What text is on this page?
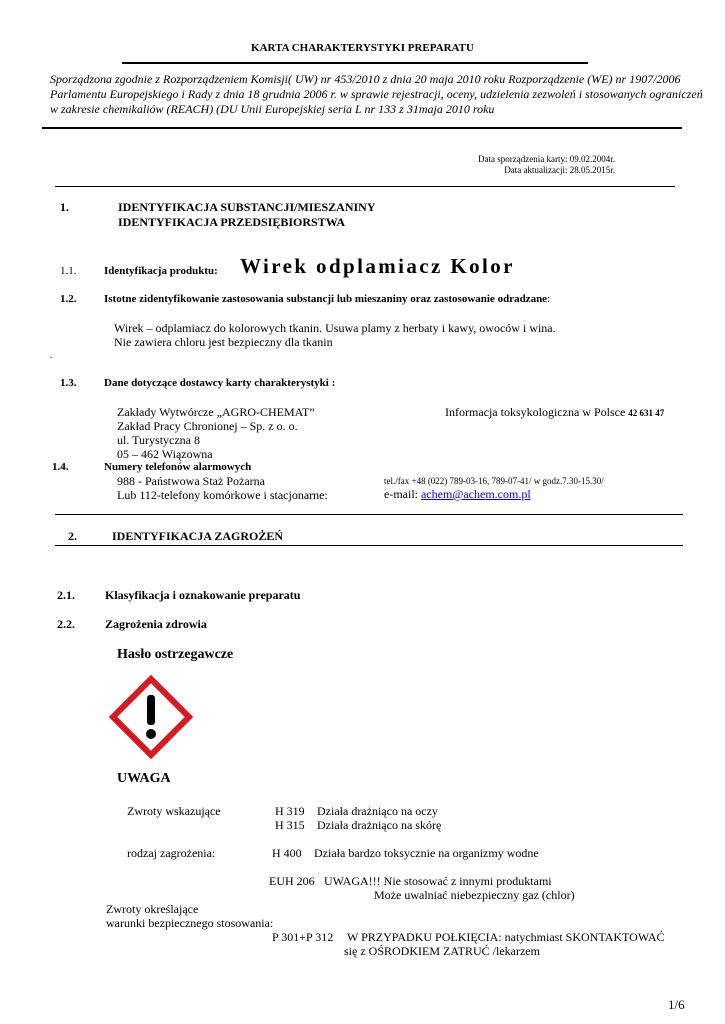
KARTA CHARAKTERYSTYKI PREPARATU
Sporządzona zgodnie z Rozporządzeniem Komisji( UW) nr 453/2010 z dnia 20 maja 2010 roku Rozporządzenie (WE) nr 1907/2006
Parlamentu Europejskiego i Rady z dnia 18 grudnia 2006 r. w sprawie rejestracji, oceny, udzielenia zezwoleń i stosowanych ograniczeń
w zakresie chemikaliów (REACH) (DU Unii Europejskiej seria L nr 133 z 31maja 2010 roku
Data sporządzenia karty: 09.02.2004r.
Data aktualizacji: 28.05.2015r.
1.	IDENTYFIKACJA SUBSTANCJI/MIESZANINY
IDENTYFIKACJA PRZEDSIĘBIORSTWA
1.1.	Identyfikacja produktu: Wirek odplamiacz Kolor
1.2.	Istotne zidentyfikowanie zastosowania substancji lub mieszaniny oraz zastosowanie odradzane:
Wirek – odplamiacz do kolorowych tkanin. Usuwa plamy z herbaty i kawy, owoców i wina.
Nie zawiera chloru jest bezpieczny dla tkanin
.
1.3.	Dane dotyczące dostawcy karty charakterystyki :
Zakłady Wytwórcze „AGRO-CHEMAT”
Zakład Pracy Chronionej – Sp. z o. o.
ul. Turystyczna 8
05 – 462 Wiązowna
Informacja toksykologiczna w Polsce 42 631 47
1.4.	Numery telefonów alarmowych
988 - Państwowa Staż Pożarna
Lub 112-telefony komórkowe i stacjonarne:
tel./fax +48 (022) 789-03-16, 789-07-41/ w godz.7.30-15.30/
e-mail: achem@achem.com.pl
2.	IDENTYFIKACJA ZAGROŻEŃ
2.1.	Klasyfikacja i oznakowanie preparatu
2.2.	Zagrożenia zdrowia
Hasło ostrzegawcze
UWAGA
Zwroty wskazujące	H 319 Działa drażniąco na oczy
H 315 Działa drażniąco na skórę
rodzaj zagrożenia:	H 400 Działa bardzo toksycznie na organizmy wodne
EUH 206 UWAGA!!! Nie stosować z innymi produktami
Może uwalniać niebezpieczny gaz (chlor)
Zwroty określające
warunki bezpiecznego stosowania:
P 301+P 312 W PRZYPADKU POŁKIĘCIA: natychmiast SKONTAKTOWAĆ
się z OŚRODKIEM ZATRUĆ /lekarzem
1/6
